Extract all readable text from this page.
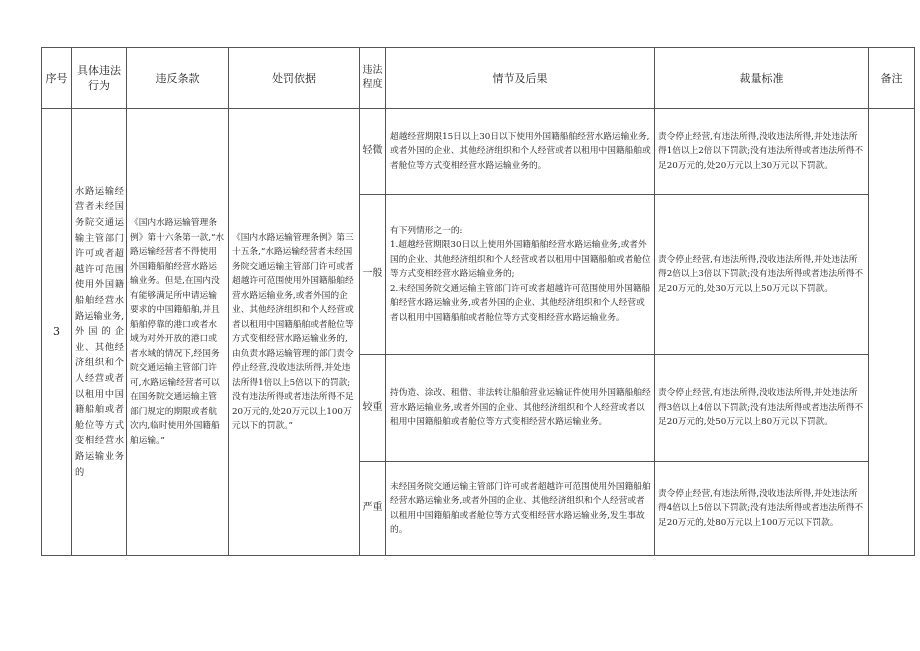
序号	具体违法行为	违反条款	处罚依据	违法程度	情节及后果	裁量标准	备注
3	水路运输经营者未经国务院交通运输主管部门许可或者超越许可范围使用外国籍船舶经营水路运输业务,外国的企业、其他经济组织和个人经营或者以租用中国籍船舶或者舱位等方式变相经营水路运输业务的	《国内水路运输管理条例》第十六条第一款,“水路运输经营者不得使用外国籍船舶经营水路运输业务。但是,在国内没有能够满足所申请运输要求的中国籍船舶,并且船舶停靠的港口或者水域为对外开放的港口或者水域的情况下,经国务院交通运输主管部门许可,水路运输经营者可以在国务院交通运输主管部门规定的期限或者航次内,临时使用外国籍船舶运输。”	《国内水路运输管理条例》第三十五条,“水路运输经营者未经国务院交通运输主管部门许可或者超越许可范围使用外国籍船舶经营水路运输业务,或者外国的企业、其他经济组织和个人经营或者以租用中国籍船舶或者舱位等方式变相经营水路运输业务的,由负责水路运输管理的部门责令停止经营,没收违法所得,并处违法所得1倍以上5倍以下的罚款;没有违法所得或者违法所得不足20万元的,处20万元以上100万元以下的罚款。”	轻微	超越经营期限15日以上30日以下使用外国籍船舶经营水路运输业务,或者外国的企业、其他经济组织和个人经营或者以租用中国籍船舶或者舱位等方式变相经营水路运输业务的。	责令停止经营,有违法所得,没收违法所得,并处违法所得1倍以上2倍以下罚款;没有违法所得或者违法所得不足20万元的,处20万元以上30万元以下罚款。	

				一般	有下列情形之一的:
1.超越经营期限30日以上使用外国籍船舶经营水路运输业务,或者外国的企业、其他经济组织和个人经营或者以租用中国籍船舶或者舱位等方式变相经营水路运输业务的;
2.未经国务院交通运输主管部门许可或者超越许可范围使用外国籍船舶经营水路运输业务,或者外国的企业、其他经济组织和个人经营或者以租用中国籍船舶或者舱位等方式变相经营水路运输业务。	责令停止经营,有违法所得,没收违法所得,并处违法所得2倍以上3倍以下罚款;没有违法所得或者违法所得不足20万元的,处30万元以上50万元以下罚款。	

				较重	持伪造、涂改、租借、非法转让船舶营业运输证件使用外国籍船舶经营水路运输业务,或者外国的企业、其他经济组织和个人经营或者以租用中国籍船舶或者舱位等方式变相经营水路运输业务。	责令停止经营,有违法所得,没收违法所得,并处违法所得3倍以上4倍以下罚款;没有违法所得或者违法所得不足20万元的,处50万元以上80万元以下罚款。	

				严重	未经国务院交通运输主管部门许可或者超越许可范围使用外国籍船舶经营水路运输业务,或者外国的企业、其他经济组织和个人经营或者以租用中国籍船舶或者舱位等方式变相经营水路运输业务,发生事故的。	责令停止经营,有违法所得,没收违法所得,并处违法所得4倍以上5倍以下罚款;没有违法所得或者违法所得不足20万元的,处80万元以上100万元以下罚款。	
